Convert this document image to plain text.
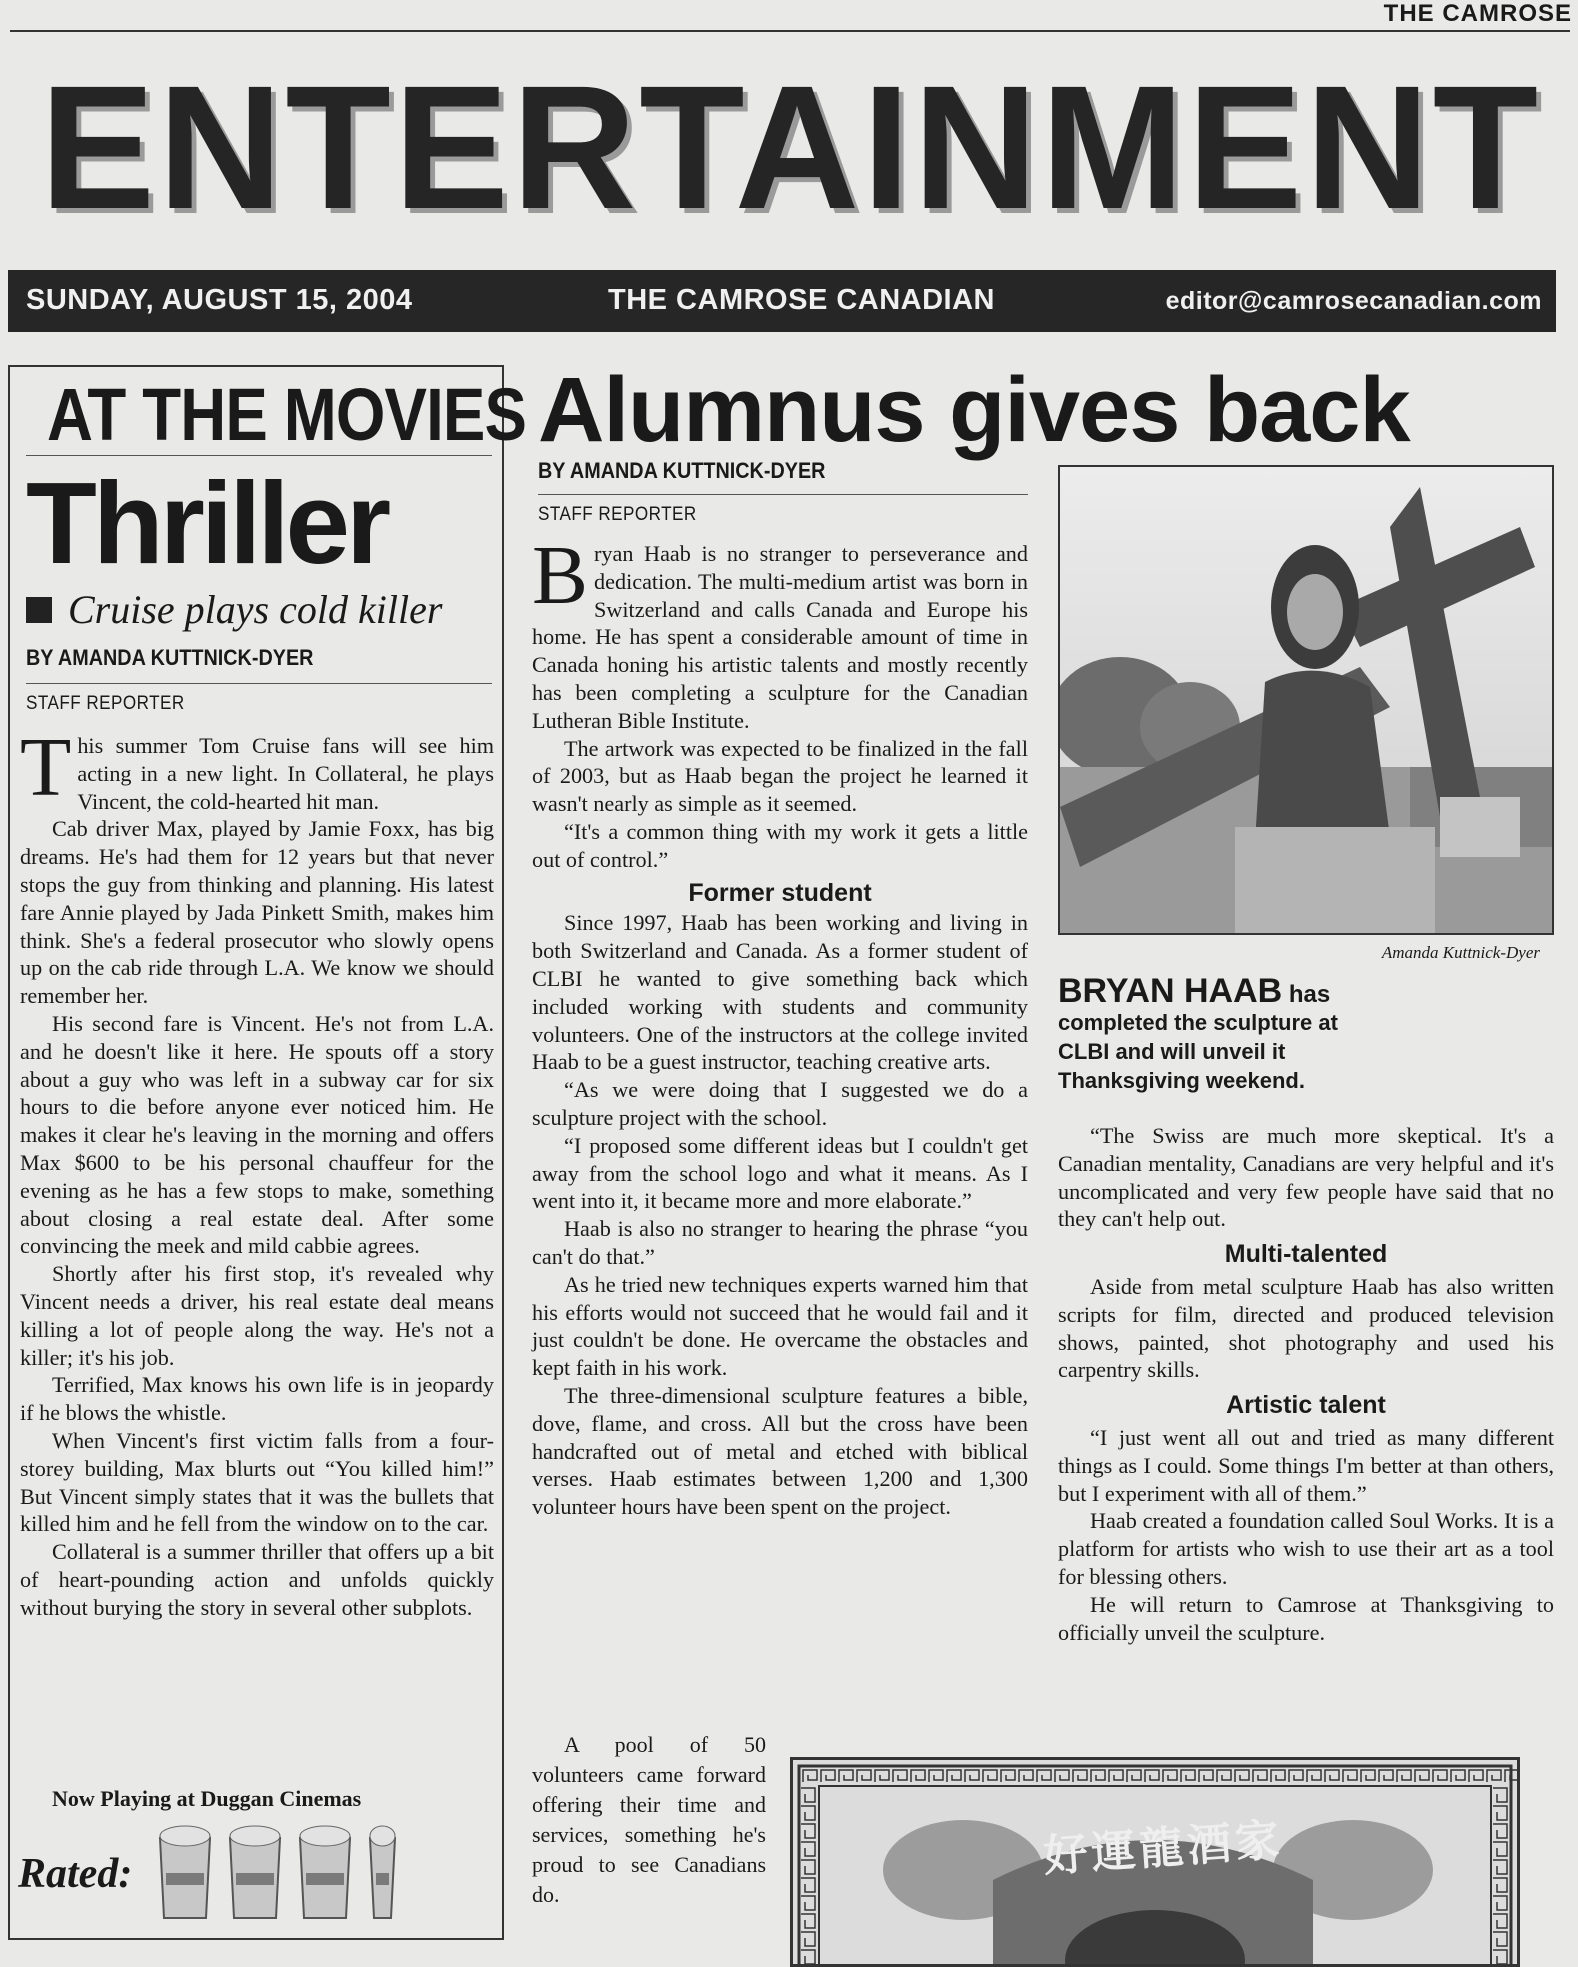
THE CAMROSE
ENTERTAINMENT
SUNDAY, AUGUST 15, 2004	THE CAMROSE CANADIAN	editor@camrosecanadian.com
AT THE MOVIES
Thriller
Cruise plays cold killer
BY AMANDA KUTTNICK-DYER
STAFF REPORTER

This summer Tom Cruise fans will see him acting in a new light. In Collateral, he plays Vincent, the cold-hearted hit man.

Cab driver Max, played by Jamie Foxx, has big dreams. He's had them for 12 years but that never stops the guy from thinking and planning. His latest fare Annie played by Jada Pinkett Smith, makes him think. She's a federal prosecutor who slowly opens up on the cab ride through L.A. We know we should remember her.

His second fare is Vincent. He's not from L.A. and he doesn't like it here. He spouts off a story about a guy who was left in a subway car for six hours to die before anyone ever noticed him. He makes it clear he's leaving in the morning and offers Max $600 to be his personal chauffeur for the evening as he has a few stops to make, something about closing a real estate deal. After some convincing the meek and mild cabbie agrees.

Shortly after his first stop, it's revealed why Vincent needs a driver, his real estate deal means killing a lot of people along the way. He's not a killer; it's his job.

Terrified, Max knows his own life is in jeopardy if he blows the whistle.

When Vincent's first victim falls from a four-storey building, Max blurts out “You killed him!” But Vincent simply states that it was the bullets that killed him and he fell from the window on to the car.

Collateral is a summer thriller that offers up a bit of heart-pounding action and unfolds quickly without burying the story in several other subplots.

Now Playing at Duggan Cinemas
Rated:
Alumnus gives back
BY AMANDA KUTTNICK-DYER
STAFF REPORTER

Bryan Haab is no stranger to perseverance and dedication. The multi-medium artist was born in Switzerland and calls Canada and Europe his home. He has spent a considerable amount of time in Canada honing his artistic talents and mostly recently has been completing a sculpture for the Canadian Lutheran Bible Institute.

The artwork was expected to be finalized in the fall of 2003, but as Haab began the project he learned it wasn't nearly as simple as it seemed.

“It's a common thing with my work it gets a little out of control.”

Former student

Since 1997, Haab has been working and living in both Switzerland and Canada. As a former student of CLBI he wanted to give something back which included working with students and community volunteers. One of the instructors at the college invited Haab to be a guest instructor, teaching creative arts.

“As we were doing that I suggested we do a sculpture project with the school.

“I proposed some different ideas but I couldn't get away from the school logo and what it means. As I went into it, it became more and more elaborate.”

Haab is also no stranger to hearing the phrase “you can't do that.”

As he tried new techniques experts warned him that his efforts would not succeed that he would fail and it just couldn't be done. He overcame the obstacles and kept faith in his work.

The three-dimensional sculpture features a bible, dove, flame, and cross. All but the cross have been handcrafted out of metal and etched with biblical verses. Haab estimates between 1,200 and 1,300 volunteer hours have been spent on the project.

A pool of 50 volunteers came forward offering their time and services, something he's proud to see Canadians do.

Amanda Kuttnick-Dyer
BRYAN HAAB has
completed the sculpture at CLBI and will unveil it Thanksgiving weekend.

“The Swiss are much more skeptical. It's a Canadian mentality, Canadians are very helpful and it's uncomplicated and very few people have said that no they can't help out.

Multi-talented

Aside from metal sculpture Haab has also written scripts for film, directed and produced television shows, painted, shot photography and used his carpentry skills.

Artistic talent

“I just went all out and tried as many different things as I could. Some things I'm better at than others, but I experiment with all of them.”

Haab created a foundation called Soul Works. It is a platform for artists who wish to use their art as a tool for blessing others.

He will return to Camrose at Thanksgiving to officially unveil the sculpture.

好運龍酒家
